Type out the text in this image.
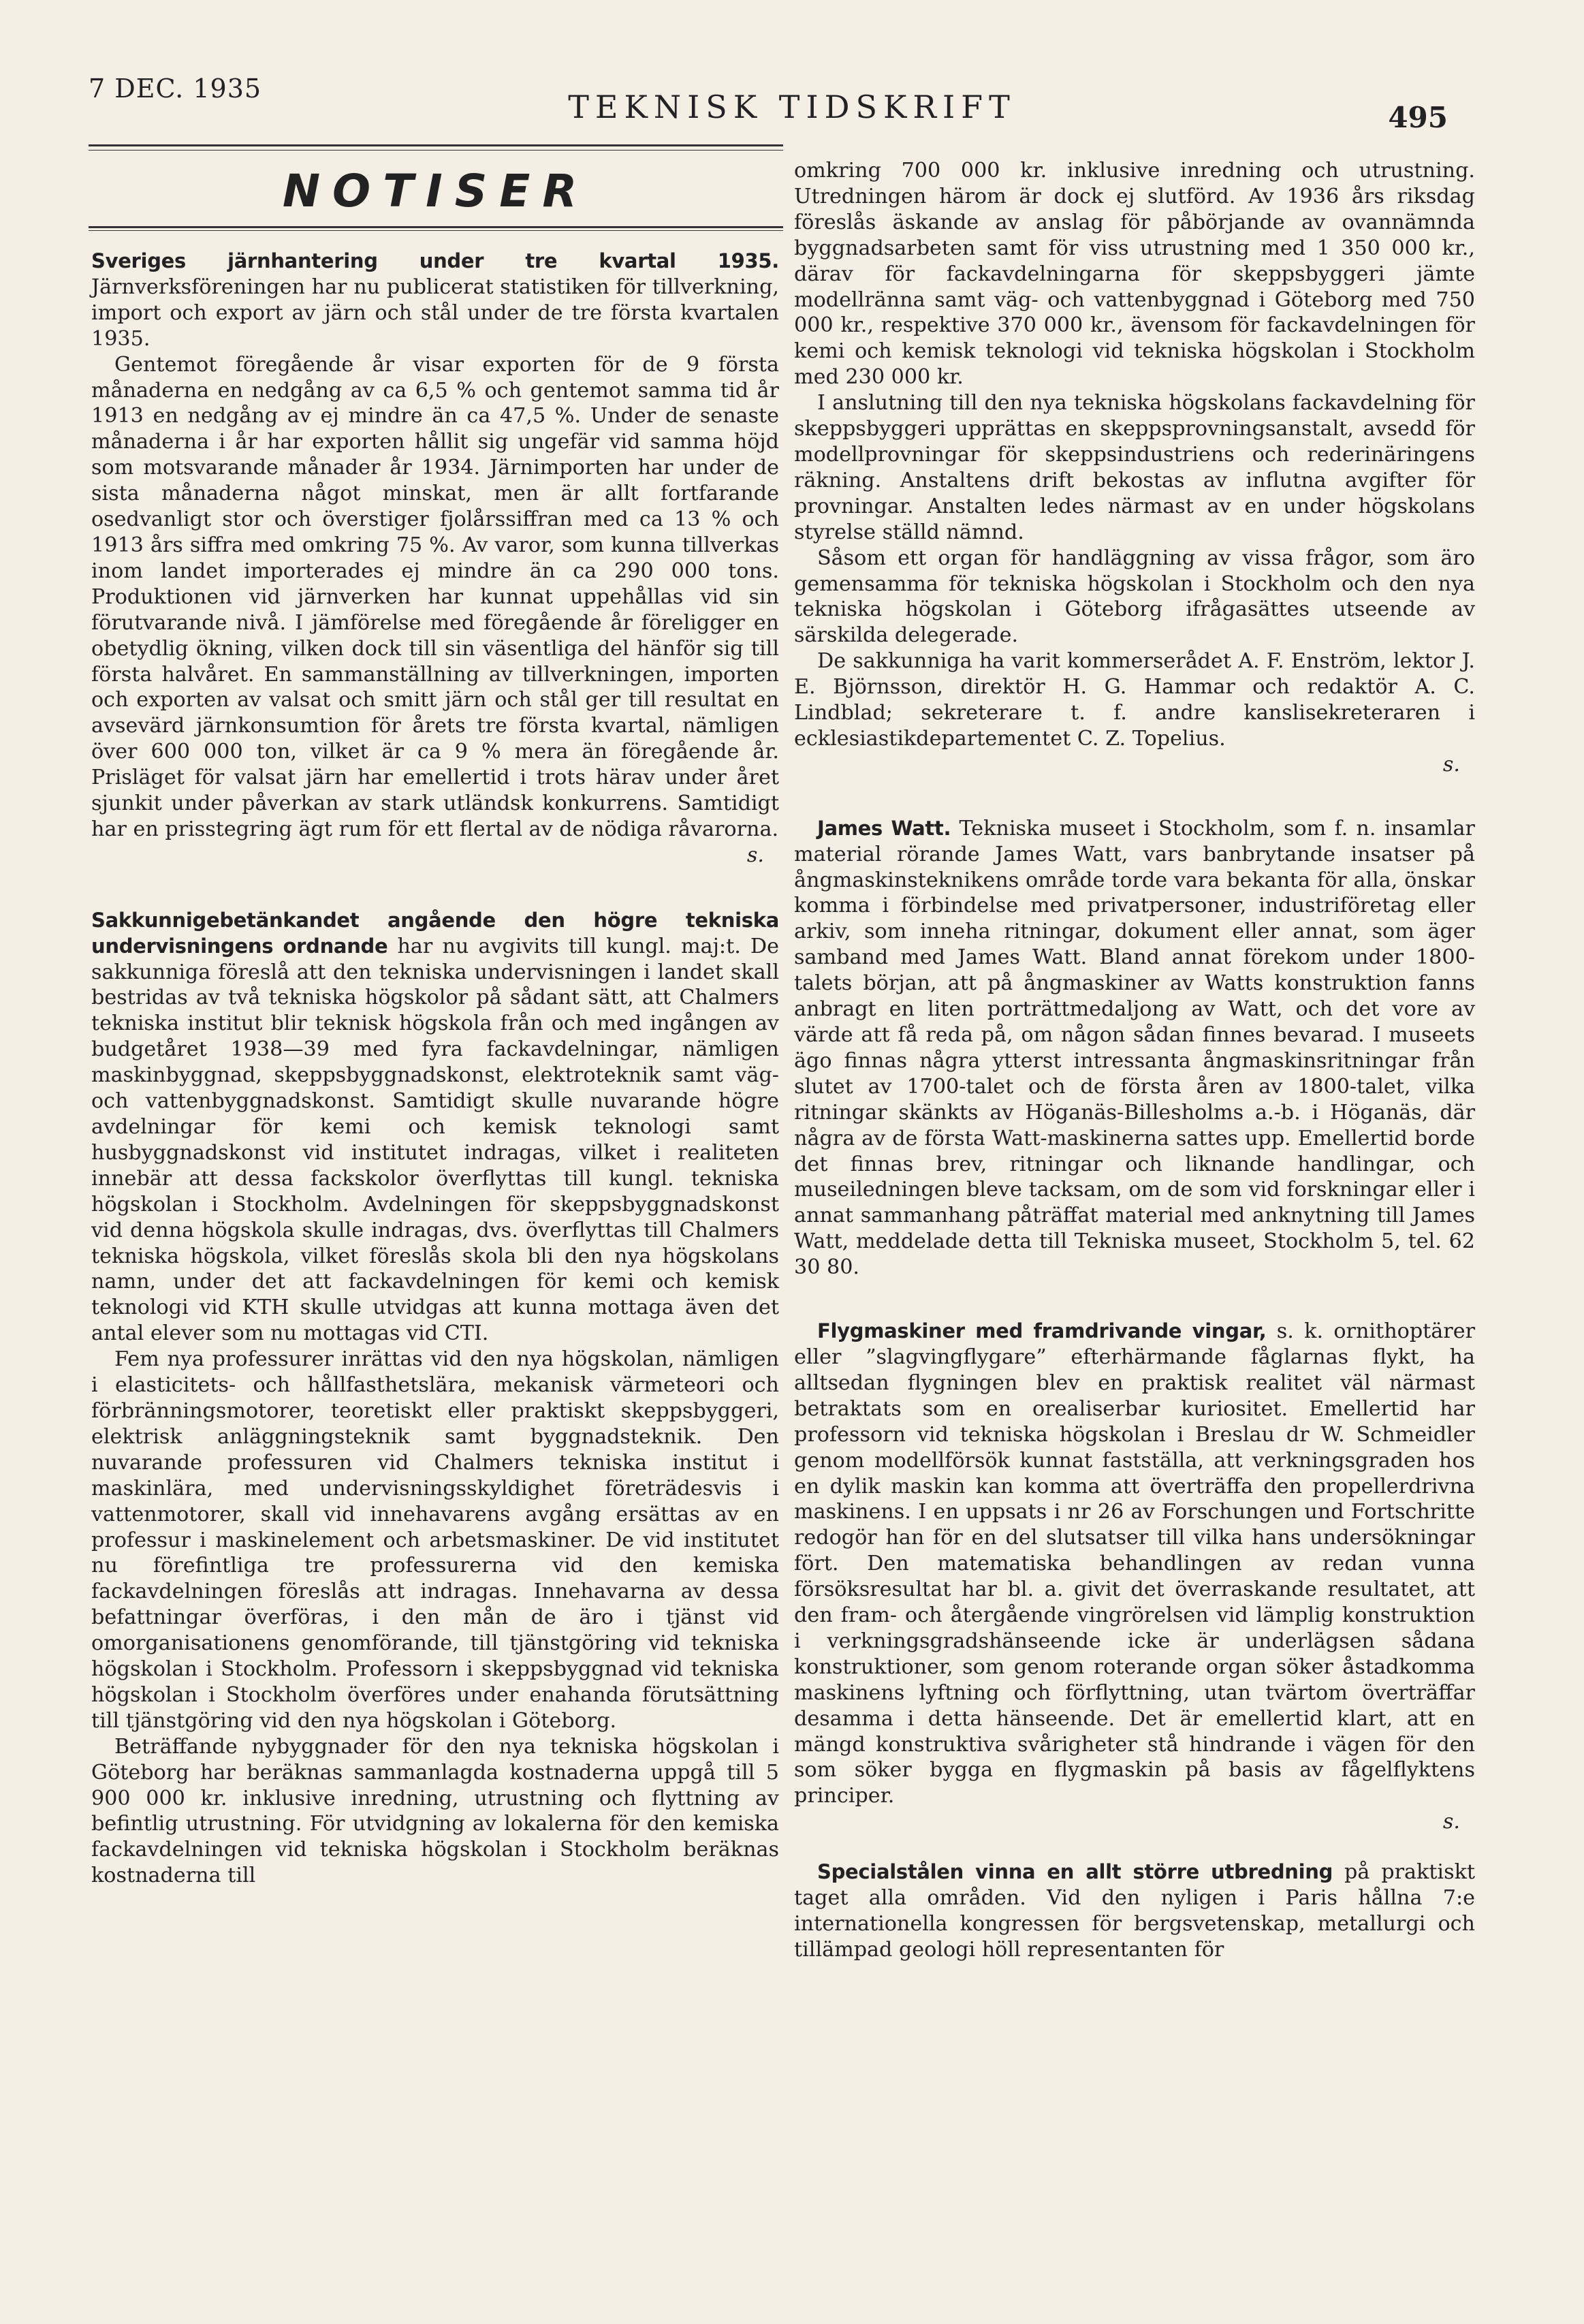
7 DEC. 1935	TEKNISK TIDSKRIFT	495
NOTISER

Sveriges järnhantering under tre kvartal 1935. Järnverksföreningen har nu publicerat statistiken för tillverkning, import och export av järn och stål under de tre första kvartalen 1935.

Gentemot föregående år visar exporten för de 9 första månaderna en nedgång av ca 6,5 % och gentemot samma tid år 1913 en nedgång av ej mindre än ca 47,5 %. Under de senaste månaderna i år har exporten hållit sig ungefär vid samma höjd som motsvarande månader år 1934. Järnimporten har under de sista månaderna något minskat, men är allt fortfarande osedvanligt stor och överstiger fjolårssiffran med ca 13 % och 1913 års siffra med omkring 75 %. Av varor, som kunna tillverkas inom landet importerades ej mindre än ca 290 000 tons. Produktionen vid järnverken har kunnat uppehållas vid sin förutvarande nivå. I jämförelse med föregående år föreligger en obetydlig ökning, vilken dock till sin väsentliga del hänför sig till första halvåret. En sammanställning av tillverkningen, importen och exporten av valsat och smitt järn och stål ger till resultat en avsevärd järnkonsumtion för årets tre första kvartal, nämligen över 600 000 ton, vilket är ca 9 % mera än föregående år. Prisläget för valsat järn har emellertid i trots härav under året sjunkit under påverkan av stark utländsk konkurrens. Samtidigt har en prisstegring ägt rum för ett flertal av de nödiga råvarorna.

s.

Sakkunnigebetänkandet angående den högre tekniska undervisningens ordnande har nu avgivits till kungl. maj:t. De sakkunniga föreslå att den tekniska undervisningen i landet skall bestridas av två tekniska högskolor på sådant sätt, att Chalmers tekniska institut blir teknisk högskola från och med ingången av budgetåret 1938—39 med fyra fackavdelningar, nämligen maskinbyggnad, skeppsbyggnadskonst, elektroteknik samt väg- och vattenbyggnadskonst. Samtidigt skulle nuvarande högre avdelningar för kemi och kemisk teknologi samt husbyggnadskonst vid institutet indragas, vilket i realiteten innebär att dessa fackskolor överflyttas till kungl. tekniska högskolan i Stockholm. Avdelningen för skeppsbyggnadskonst vid denna högskola skulle indragas, dvs. överflyttas till Chalmers tekniska högskola, vilket föreslås skola bli den nya högskolans namn, under det att fackavdelningen för kemi och kemisk teknologi vid KTH skulle utvidgas att kunna mottaga även det antal elever som nu mottagas vid CTI.

Fem nya professurer inrättas vid den nya högskolan, nämligen i elasticitets- och hållfasthetslära, mekanisk värmeteori och förbränningsmotorer, teoretiskt eller praktiskt skeppsbyggeri, elektrisk anläggningsteknik samt byggnadsteknik. Den nuvarande professuren vid Chalmers tekniska institut i maskinlära, med undervisningsskyldighet företrädesvis i vattenmotorer, skall vid innehavarens avgång ersättas av en professur i maskinelement och arbetsmaskiner. De vid institutet nu förefintliga tre professurerna vid den kemiska fackavdelningen föreslås att indragas. Innehavarna av dessa befattningar överföras, i den mån de äro i tjänst vid omorganisationens genomförande, till tjänstgöring vid tekniska högskolan i Stockholm. Professorn i skeppsbyggnad vid tekniska högskolan i Stockholm överföres under enahanda förutsättning till tjänstgöring vid den nya högskolan i Göteborg.

Beträffande nybyggnader för den nya tekniska högskolan i Göteborg har beräknas sammanlagda kostnaderna uppgå till 5 900 000 kr. inklusive inredning, utrustning och flyttning av befintlig utrustning. För utvidgning av lokalerna för den kemiska fackavdelningen vid tekniska högskolan i Stockholm beräknas kostnaderna till

omkring 700 000 kr. inklusive inredning och utrustning. Utredningen härom är dock ej slutförd. Av 1936 års riksdag föreslås äskande av anslag för påbörjande av ovannämnda byggnadsarbeten samt för viss utrustning med 1 350 000 kr., därav för fackavdelningarna för skeppsbyggeri jämte modellränna samt väg- och vattenbyggnad i Göteborg med 750 000 kr., respektive 370 000 kr., ävensom för fackavdelningen för kemi och kemisk teknologi vid tekniska högskolan i Stockholm med 230 000 kr.

I anslutning till den nya tekniska högskolans fackavdelning för skeppsbyggeri upprättas en skeppsprovningsanstalt, avsedd för modellprovningar för skeppsindustriens och rederinäringens räkning. Anstaltens drift bekostas av influtna avgifter för provningar. Anstalten ledes närmast av en under högskolans styrelse ställd nämnd.

Såsom ett organ för handläggning av vissa frågor, som äro gemensamma för tekniska högskolan i Stockholm och den nya tekniska högskolan i Göteborg ifrågasättes utseende av särskilda delegerade.

De sakkunniga ha varit kommerserådet A. F. Enström, lektor J. E. Björnsson, direktör H. G. Hammar och redaktör A. C. Lindblad; sekreterare t. f. andre kanslisekreteraren i ecklesiastikdepartementet C. Z. Topelius.

s.

James Watt. Tekniska museet i Stockholm, som f. n. insamlar material rörande James Watt, vars banbrytande insatser på ångmaskinsteknikens område torde vara bekanta för alla, önskar komma i förbindelse med privatpersoner, industriföretag eller arkiv, som inneha ritningar, dokument eller annat, som äger samband med James Watt. Bland annat förekom under 1800-talets början, att på ångmaskiner av Watts konstruktion fanns anbragt en liten porträttmedaljong av Watt, och det vore av värde att få reda på, om någon sådan finnes bevarad. I museets ägo finnas några ytterst intressanta ångmaskinsritningar från slutet av 1700-talet och de första åren av 1800-talet, vilka ritningar skänkts av Höganäs-Billesholms a.-b. i Höganäs, där några av de första Watt-maskinerna sattes upp. Emellertid borde det finnas brev, ritningar och liknande handlingar, och museiledningen bleve tacksam, om de som vid forskningar eller i annat sammanhang påträffat material med anknytning till James Watt, meddelade detta till Tekniska museet, Stockholm 5, tel. 62 30 80.

Flygmaskiner med framdrivande vingar, s. k. ornithoptärer eller ”slagvingflygare” efterhärmande fåglarnas flykt, ha alltsedan flygningen blev en praktisk realitet väl närmast betraktats som en orealiserbar kuriositet. Emellertid har professorn vid tekniska högskolan i Breslau dr W. Schmeidler genom modellförsök kunnat fastställa, att verkningsgraden hos en dylik maskin kan komma att överträffa den propellerdrivna maskinens. I en uppsats i nr 26 av Forschungen und Fortschritte redogör han för en del slutsatser till vilka hans undersökningar fört. Den matematiska behandlingen av redan vunna försöksresultat har bl. a. givit det överraskande resultatet, att den fram- och återgående vingrörelsen vid lämplig konstruktion i verkningsgradshänseende icke är underlägsen sådana konstruktioner, som genom roterande organ söker åstadkomma maskinens lyftning och förflyttning, utan tvärtom överträffar desamma i detta hänseende. Det är emellertid klart, att en mängd konstruktiva svårigheter stå hindrande i vägen för den som söker bygga en flygmaskin på basis av fågelflyktens principer.

s.

Specialstålen vinna en allt större utbredning på praktiskt taget alla områden. Vid den nyligen i Paris hållna 7:e internationella kongressen för bergsvetenskap, metallurgi och tillämpad geologi höll representanten för
